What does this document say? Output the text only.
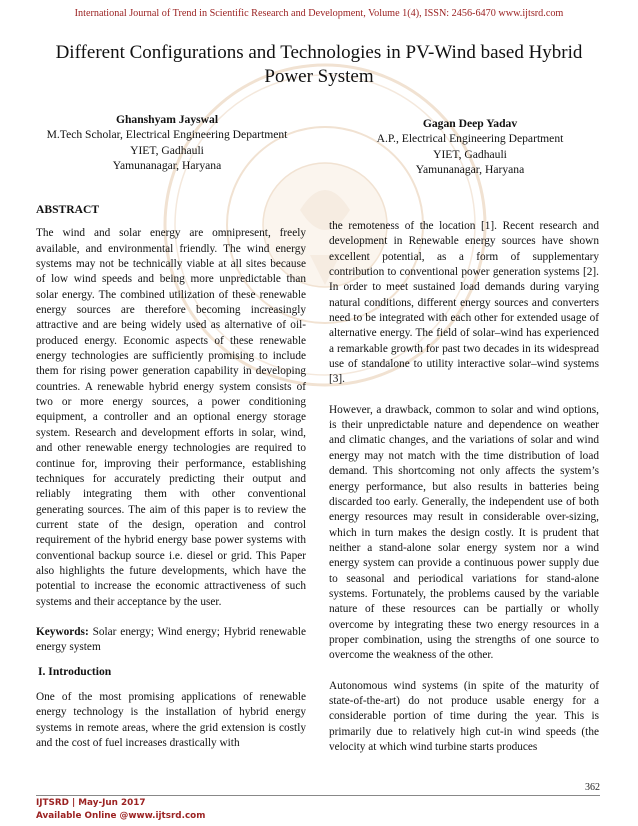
International Journal of Trend in Scientific Research and Development, Volume 1(4), ISSN: 2456-6470 www.ijtsrd.com
Different Configurations and Technologies in PV-Wind based Hybrid Power System
Ghanshyam Jayswal
M.Tech Scholar, Electrical Engineering Department
YIET, Gadhauli
Yamunanagar, Haryana
Gagan Deep Yadav
A.P., Electrical Engineering Department
YIET, Gadhauli
Yamunanagar, Haryana
ABSTRACT

The wind and solar energy are omnipresent, freely available, and environmental friendly. The wind energy systems may not be technically viable at all sites because of low wind speeds and being more unpredictable than solar energy. The combined utilization of these renewable energy sources are therefore becoming increasingly attractive and are being widely used as alternative of oil-produced energy. Economic aspects of these renewable energy technologies are sufficiently promising to include them for rising power generation capability in developing countries. A renewable hybrid energy system consists of two or more energy sources, a power conditioning equipment, a controller and an optional energy storage system. Research and development efforts in solar, wind, and other renewable energy technologies are required to continue for, improving their performance, establishing techniques for accurately predicting their output and reliably integrating them with other conventional generating sources. The aim of this paper is to review the current state of the design, operation and control requirement of the hybrid energy base power systems with conventional backup source i.e. diesel or grid. This Paper also highlights the future developments, which have the potential to increase the economic attractiveness of such systems and their acceptance by the user.

Keywords: Solar energy; Wind energy; Hybrid renewable energy system

I. Introduction

One of the most promising applications of renewable energy technology is the installation of hybrid energy systems in remote areas, where the grid extension is costly and the cost of fuel increases drastically with

the remoteness of the location [1]. Recent research and development in Renewable energy sources have shown excellent potential, as a form of supplementary contribution to conventional power generation systems [2]. In order to meet sustained load demands during varying natural conditions, different energy sources and converters need to be integrated with each other for extended usage of alternative energy. The field of solar–wind has experienced a remarkable growth for past two decades in its widespread use of standalone to utility interactive solar–wind systems [3].

However, a drawback, common to solar and wind options, is their unpredictable nature and dependence on weather and climatic changes, and the variations of solar and wind energy may not match with the time distribution of load demand. This shortcoming not only affects the system’s energy performance, but also results in batteries being discarded too early. Generally, the independent use of both energy resources may result in considerable over-sizing, which in turn makes the design costly. It is prudent that neither a stand-alone solar energy system nor a wind energy system can provide a continuous power supply due to seasonal and periodical variations for stand-alone systems. Fortunately, the problems caused by the variable nature of these resources can be partially or wholly overcome by integrating these two energy resources in a proper combination, using the strengths of one source to overcome the weakness of the other.

Autonomous wind systems (in spite of the maturity of state-of-the-art) do not produce usable energy for a considerable portion of time during the year. This is primarily due to relatively high cut-in wind speeds (the velocity at which wind turbine starts produces

362
IJTSRD | May-Jun 2017
Available Online @www.ijtsrd.com
